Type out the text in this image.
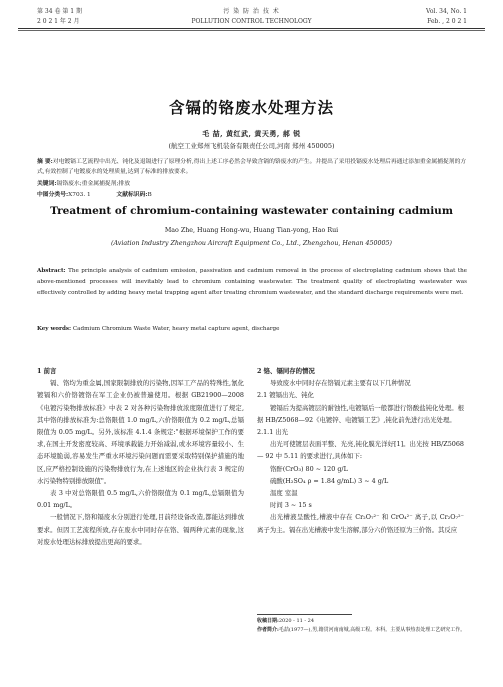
第 34 卷 第 1 期
2 0 2 1 年 2 月
污 染 防 治 技 术
POLLUTION CONTROL TECHNOLOGY
Vol. 34, No. 1
Feb. , 2 0 2 1
含镉的铬废水处理方法
毛 喆, 黄红武, 黄天勇, 郝 锐
(航空工业郑州飞机装备有限责任公司,河南 郑州 450005)
摘 要:对电镀镉工艺流程中出光、钝化及退镉进行了原理分析,得出上述工序必然会导致含镉的铬废水的产生。并提出了采用投镉废水处理后再通过添加重金属捕捉剂的方式,有效控制了电镀废水的处理质量,达到了标准的排放要求。
关键词:镉铬废水;重金属捕捉剂;排放
中图分类号:X703. 1	文献标识码:B
Treatment of chromium-containing wastewater containing cadmium
Mao Zhe, Huang Hong-wu, Huang Tian-yong, Hao Rui
(Aviation Industry Zhengzhou Aircraft Equipment Co., Ltd., Zhengzhou, Henan 450005)
Abstract: The principle analysis of cadmium emission, passivation and cadmium removal in the process of electroplating cadmium shows that the above-mentioned processes will inevitably lead to chromium containing wastewater. The treatment quality of electroplating wastewater was effectively controlled by adding heavy metal trapping agent after treating chromium wastewater, and the standard discharge requirements were met.
Key words: Cadmium Chromium Waste Water, heavy metal capture agent, discharge

1 前言

镉、铬均为重金属,国家限制排放的污染物,因军工产品的特殊性,氰化镀镉和六价铬镀铬在军工企业仍被普遍使用。根据 GB21900—2008《电镀污染物排放标准》中表 2 对各种污染物排放浓度限值进行了规定,其中铬的排放标准为:总铬限值 1.0 mg/L,六价铬限值为 0.2 mg/L,总镉限值为 0.05 mg/L。另外,该标准 4.1.4 条规定:"根据环境保护工作的要求,在国土开发密度较高、环境承载能力开始减弱,或水环境容量较小、生态环境脆弱,容易发生严重水环境污染问题而需要采取特别保护措施的地区,应严格控制设施的污染物排放行为,在上述地区的企业执行表 3 规定的水污染物特别排放限值"。

表 3 中对总铬限值 0.5 mg/L,六价铬限值为 0.1 mg/L,总镉限值为 0.01 mg/L。

一般情况下,铬和镉废水分别进行处理,目前经设备改造,都能达到排放要求。但因工艺流程所致,存在废水中同时存在铬、镉两种元素的现象,这对废水处理达标排放提出更高的要求。

2 铬、镉同存的情况

导致废水中同时存在铬镉元素主要有以下几种情况

2.1 镀镉出光、钝化

镀镉后为提高镀层的耐蚀性,电镀镉后一般都进行铬酸盐钝化处理。根据 HB/Z5068—92《电镀锌、电镀镉工艺》,钝化前先进行出光处理。

2.1.1 出光

出光可使镀层表面平整、光亮,钝化膜光洋好[1]。出光按 HB/Z5068 — 92 中 5.11 的要求进行,具体如下:

铬酐(CrO₃) 80 ~ 120 g/L

硫酸(H₂SO₄ ρ = 1.84 g/mL) 3 ~ 4 g/L

温度 室温

时间 3 ~ 15 s

出光槽液呈酸性,槽液中存在 Cr₂O₇²⁻ 和 CrO₄²⁻ 离子,以 Cr₂O₇²⁻ 离子为主。镉在出光槽液中发生溶解,部分六价铬还原为三价铬。其反应

收稿日期:2020 - 11 - 24
作者简介:毛喆(1977—),男,籍贯河南南城,高级工程。本科。主要从事热表处理工艺研究工作。
